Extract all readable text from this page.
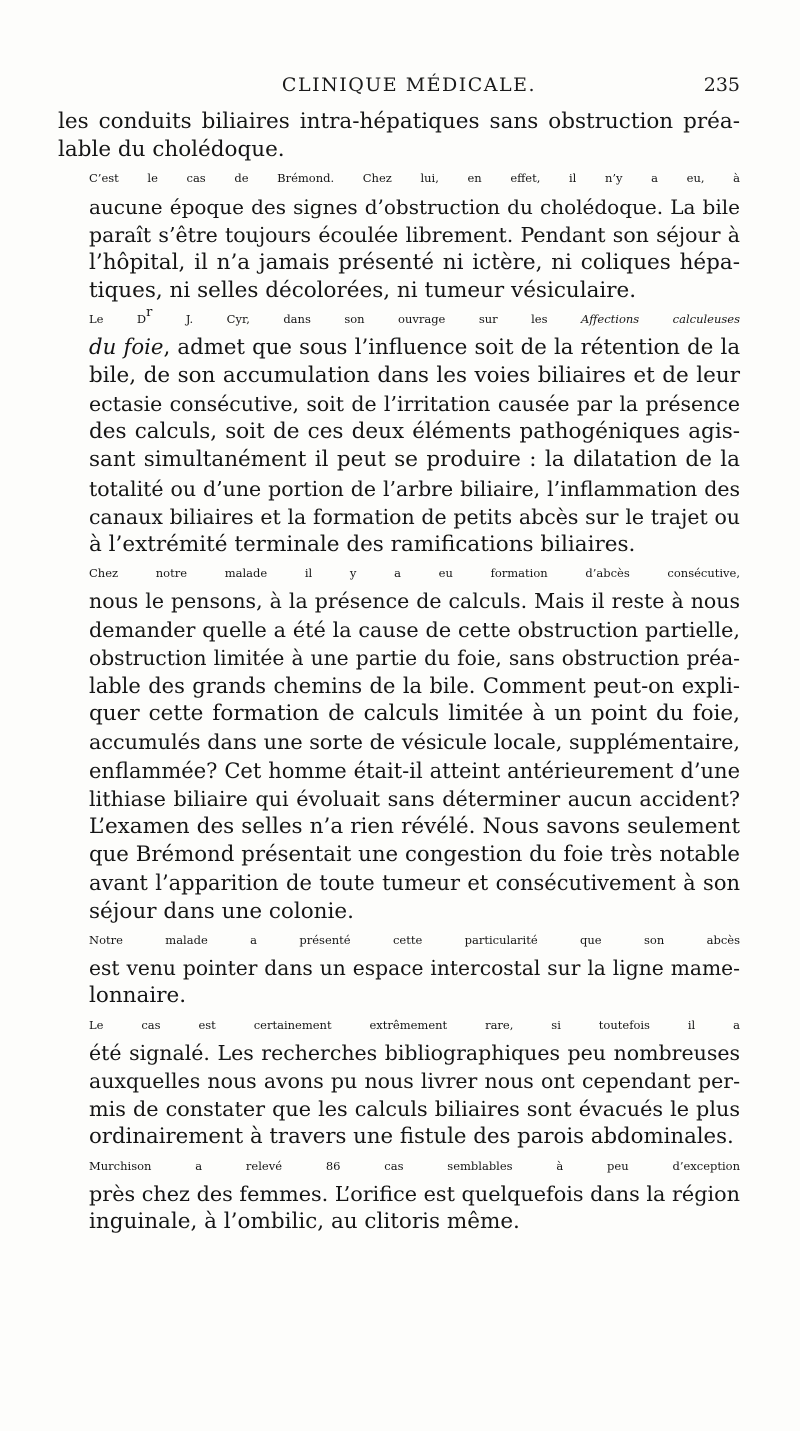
CLINIQUE MÉDICALE.	235

les conduits biliaires intra-hépatiques sans obstruction préa-
lable du cholédoque.

C’est le cas de Brémond. Chez lui, en effet, il n’y a eu, à
aucune époque des signes d’obstruction du cholédoque. La bile
paraît s’être toujours écoulée librement. Pendant son séjour à
l’hôpital, il n’a jamais présenté ni ictère, ni coliques hépa-
tiques, ni selles décolorées, ni tumeur vésiculaire.

Le $D^r$ J. Cyr, dans son ouvrage sur les Affections calculeuses
du foie, admet que sous l’influence soit de la rétention de la
bile, de son accumulation dans les voies biliaires et de leur
ectasie consécutive, soit de l’irritation causée par la présence
des calculs, soit de ces deux éléments pathogéniques agis-
sant simultanément il peut se produire : la dilatation de la
totalité ou d’une portion de l’arbre biliaire, l’inflammation des
canaux biliaires et la formation de petits abcès sur le trajet ou
à l’extrémité terminale des ramifications biliaires.

Chez notre malade il y a eu formation d’abcès consécutive,
nous le pensons, à la présence de calculs. Mais il reste à nous
demander quelle a été la cause de cette obstruction partielle,
obstruction limitée à une partie du foie, sans obstruction préa-
lable des grands chemins de la bile. Comment peut-on expli-
quer cette formation de calculs limitée à un point du foie,
accumulés dans une sorte de vésicule locale, supplémentaire,
enflammée? Cet homme était-il atteint antérieurement d’une
lithiase biliaire qui évoluait sans déterminer aucun accident?
L’examen des selles n’a rien révélé. Nous savons seulement
que Brémond présentait une congestion du foie très notable
avant l’apparition de toute tumeur et consécutivement à son
séjour dans une colonie.

Notre malade a présenté cette particularité que son abcès
est venu pointer dans un espace intercostal sur la ligne mame-
lonnaire.

Le cas est certainement extrêmement rare, si toutefois il a
été signalé. Les recherches bibliographiques peu nombreuses
auxquelles nous avons pu nous livrer nous ont cependant per-
mis de constater que les calculs biliaires sont évacués le plus
ordinairement à travers une fistule des parois abdominales.

Murchison a relevé 86 cas semblables à peu d’exception
près chez des femmes. L’orifice est quelquefois dans la région
inguinale, à l’ombilic, au clitoris même.
